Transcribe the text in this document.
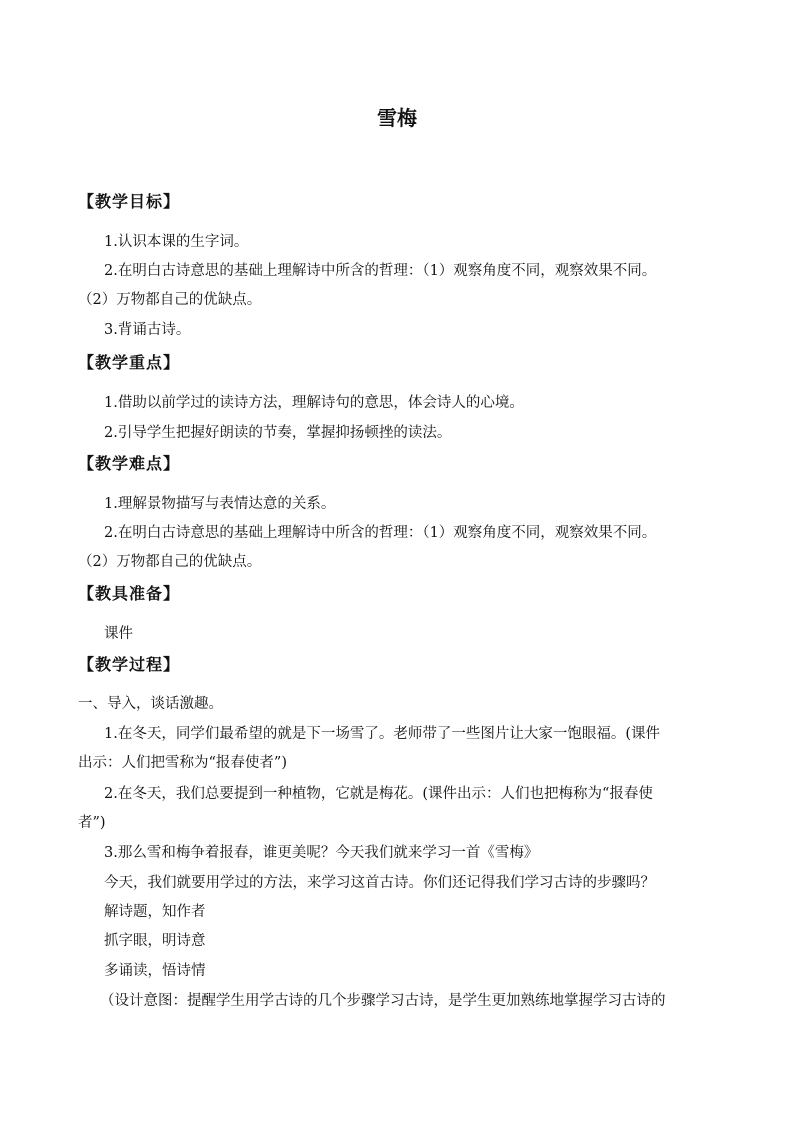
雪梅
【教学目标】
1.认识本课的生字词。
2.在明白古诗意思的基础上理解诗中所含的哲理：（1）观察角度不同，观察效果不同。
（2）万物都自己的优缺点。
3.背诵古诗。
【教学重点】
1.借助以前学过的读诗方法，理解诗句的意思，体会诗人的心境。
2.引导学生把握好朗读的节奏，掌握抑扬顿挫的读法。
【教学难点】
1.理解景物描写与表情达意的关系。
2.在明白古诗意思的基础上理解诗中所含的哲理：（1）观察角度不同，观察效果不同。
（2）万物都自己的优缺点。
【教具准备】
课件
【教学过程】
一、导入，谈话激趣。
1.在冬天，同学们最希望的就是下一场雪了。老师带了一些图片让大家一饱眼福。(课件
出示：人们把雪称为“报春使者”)
2.在冬天，我们总要提到一种植物，它就是梅花。(课件出示：人们也把梅称为“报春使
者”)
3.那么雪和梅争着报春，谁更美呢？今天我们就来学习一首《雪梅》
今天，我们就要用学过的方法，来学习这首古诗。你们还记得我们学习古诗的步骤吗？
解诗题，知作者
抓字眼，明诗意
多诵读，悟诗情
（设计意图：提醒学生用学古诗的几个步骤学习古诗，是学生更加熟练地掌握学习古诗的
